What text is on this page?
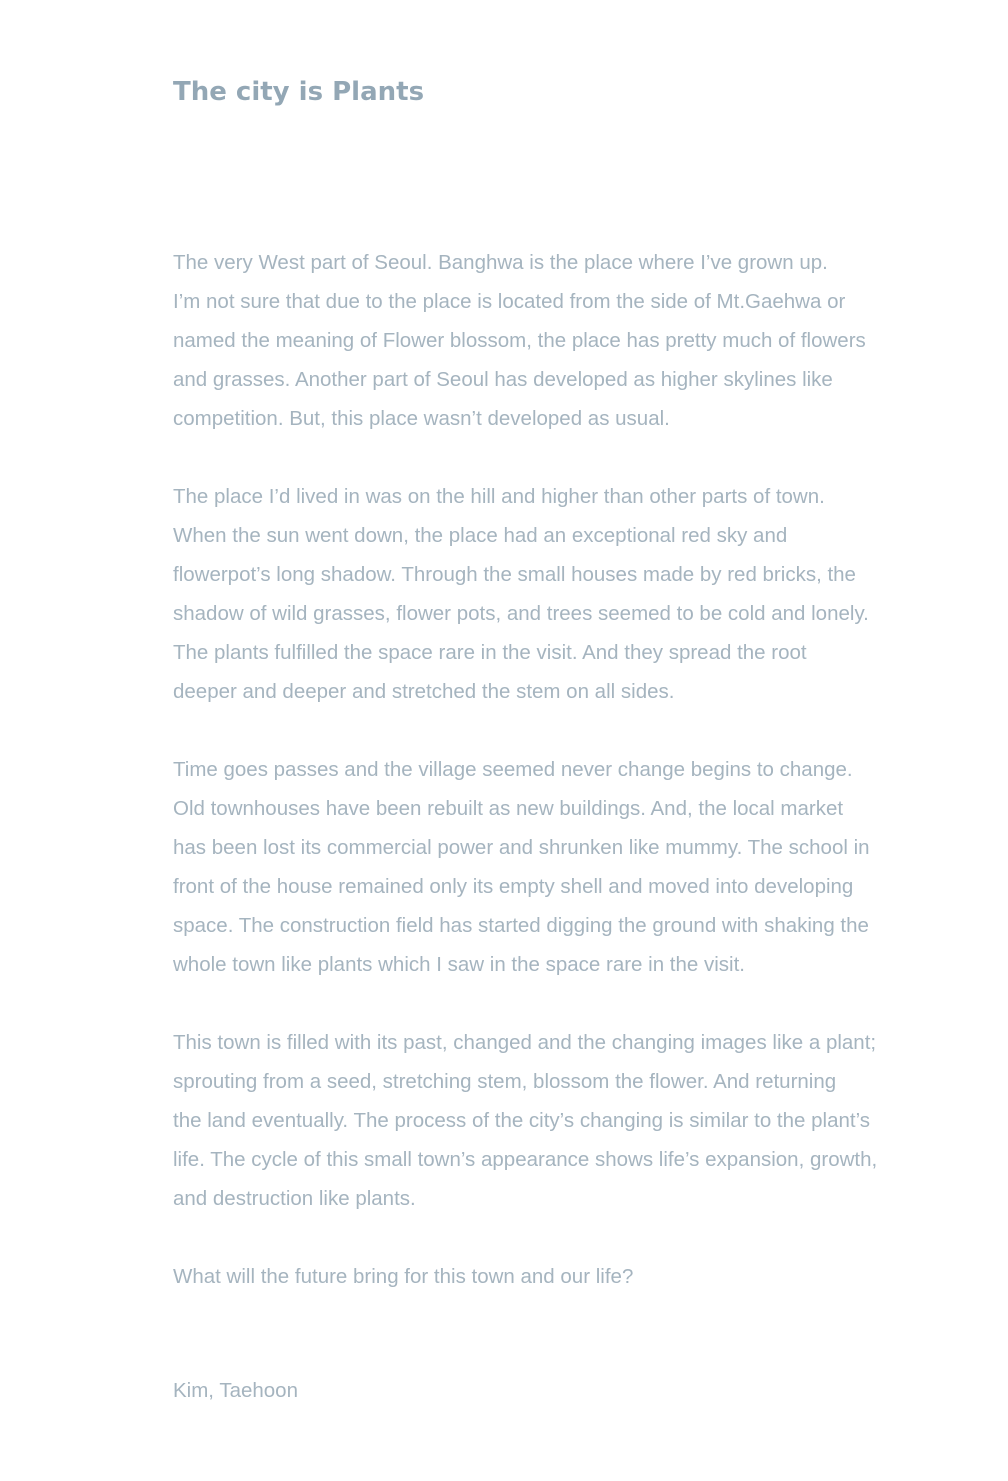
The city is Plants

The very West part of Seoul. Banghwa is the place where I’ve grown up.
I’m not sure that due to the place is located from the side of Mt.Gaehwa or
named the meaning of Flower blossom, the place has pretty much of flowers
and grasses. Another part of Seoul has developed as higher skylines like
competition. But, this place wasn’t developed as usual.

The place I’d lived in was on the hill and higher than other parts of town.
When the sun went down, the place had an exceptional red sky and
flowerpot’s long shadow. Through the small houses made by red bricks, the
shadow of wild grasses, flower pots, and trees seemed to be cold and lonely.
The plants fulfilled the space rare in the visit. And they spread the root
deeper and deeper and stretched the stem on all sides.

Time goes passes and the village seemed never change begins to change.
Old townhouses have been rebuilt as new buildings. And, the local market
has been lost its commercial power and shrunken like mummy. The school in
front of the house remained only its empty shell and moved into developing
space. The construction field has started digging the ground with shaking the
whole town like plants which I saw in the space rare in the visit.

This town is filled with its past, changed and the changing images like a plant;
sprouting from a seed, stretching stem, blossom the flower. And returning
the land eventually. The process of the city’s changing is similar to the plant’s
life. The cycle of this small town’s appearance shows life’s expansion, growth,
and destruction like plants.

What will the future bring for this town and our life?

Kim, Taehoon
